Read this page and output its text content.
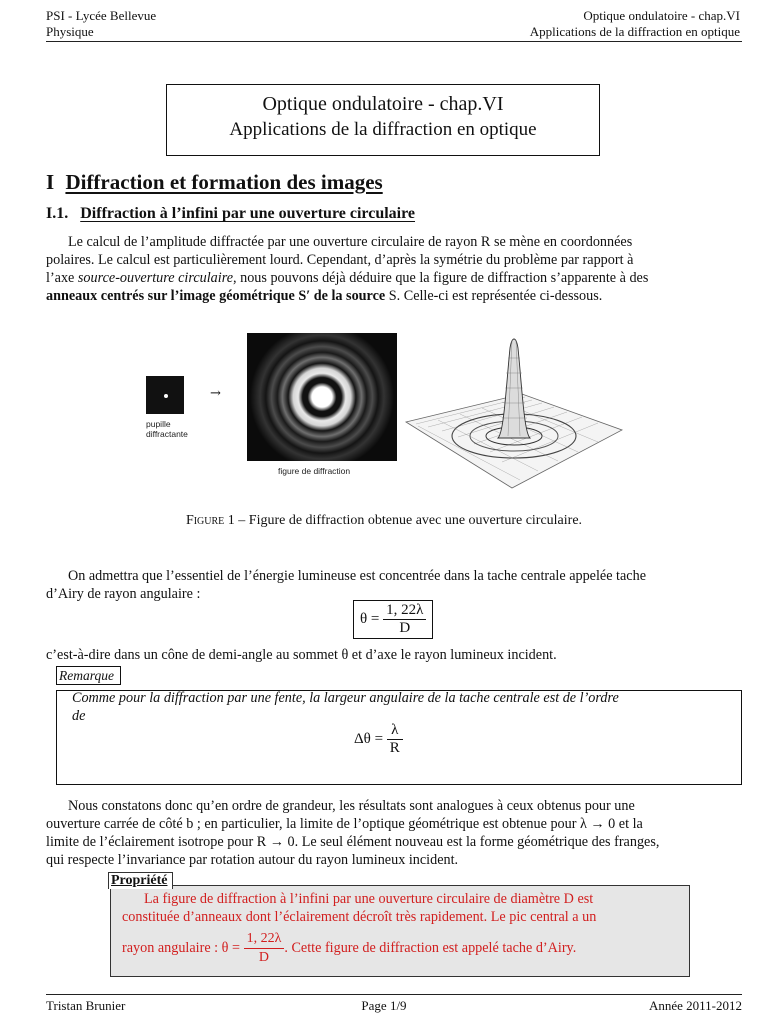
PSI - Lycée Bellevue
Physique
Optique ondulatoire - chap.VI
Applications de la diffraction en optique
Optique ondulatoire - chap.VI
Applications de la diffraction en optique
I Diffraction et formation des images
I.1. Diffraction à l’infini par une ouverture circulaire
Le calcul de l’amplitude diffractée par une ouverture circulaire de rayon R se mène en coordonnées
polaires. Le calcul est particulièrement lourd. Cependant, d’après la symétrie du problème par rapport à
l’axe source-ouverture circulaire, nous pouvons déjà déduire que la figure de diffraction s’apparente à des
anneaux centrés sur l’image géométrique S′ de la source S. Celle-ci est représentée ci-dessous.
pupille
diffractante
→
figure de diffraction
Figure 1 – Figure de diffraction obtenue avec une ouverture circulaire.
On admettra que l’essentiel de l’énergie lumineuse est concentrée dans la tache centrale appelée tache
d’Airy de rayon angulaire :
$\theta = \frac{1, 22\lambda}{D}$
c’est-à-dire dans un cône de demi-angle au sommet θ et d’axe le rayon lumineux incident.
Remarque
Comme pour la diffraction par une fente, la largeur angulaire de la tache centrale est de l’ordre
de
$\Delta\theta = \frac{\lambda}{R}$
Nous constatons donc qu’en ordre de grandeur, les résultats sont analogues à ceux obtenus pour une
ouverture carrée de côté b ; en particulier, la limite de l’optique géométrique est obtenue pour λ → 0 et la
limite de l’éclairement isotrope pour R → 0. Le seul élément nouveau est la forme géométrique des franges,
qui respecte l’invariance par rotation autour du rayon lumineux incident.
Propriété
La figure de diffraction à l’infini par une ouverture circulaire de diamètre D est
constituée d’anneaux dont l’éclairement décroît très rapidement. Le pic central a un
rayon angulaire : $\theta = \frac{1, 22\lambda}{D}$ . Cette figure de diffraction est appelé tache d’Airy.
Tristan Brunier	Page 1/9	Année 2011-2012
